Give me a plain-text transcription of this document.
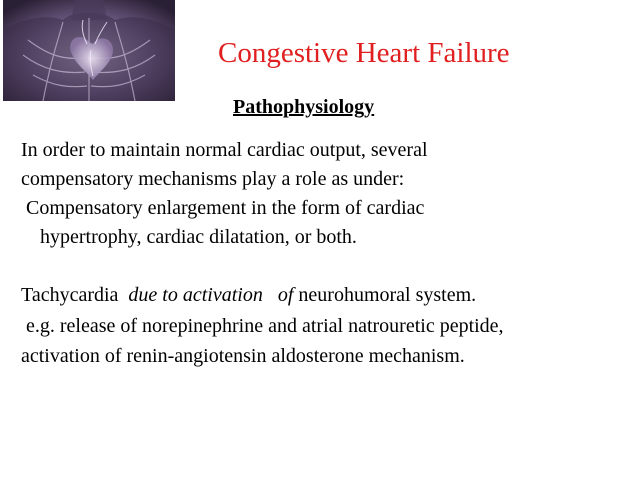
Congestive Heart Failure
Pathophysiology
In order to maintain normal cardiac output, several
compensatory mechanisms play a role as under:
Compensatory enlargement in the form of cardiac
hypertrophy, cardiac dilatation, or both.
Tachycardia  due to activation   of neurohumoral system.
e.g. release of norepinephrine and atrial natrouretic peptide,
activation of renin-angiotensin aldosterone mechanism.
